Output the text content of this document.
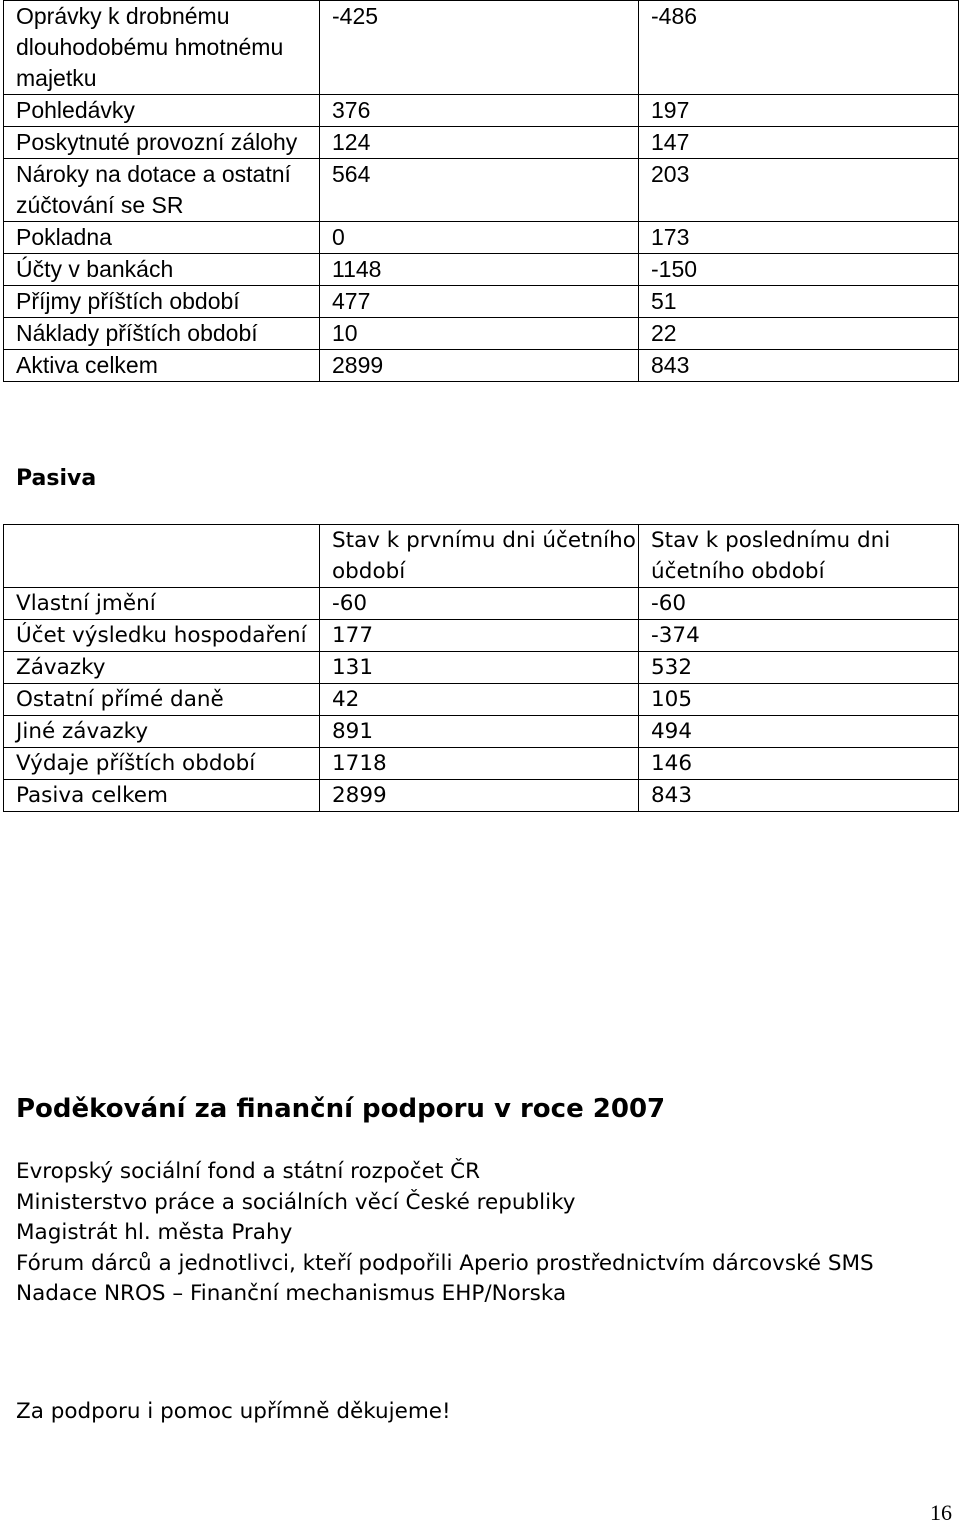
Oprávky k drobnému dlouhodobému hmotnému majetku	-425	-486
Pohledávky	376	197
Poskytnuté provozní zálohy	124	147
Nároky na dotace a ostatní zúčtování se SR	564	203
Pokladna	0	173
Účty v bankách	1148	-150
Příjmy příštích období	477	51
Náklady příštích období	10	22
Aktiva celkem	2899	843
Pasiva
	Stav k prvnímu dni účetního období	Stav k poslednímu dni účetního období
Vlastní jmění	-60	-60
Účet výsledku hospodaření	177	-374
Závazky	131	532
Ostatní přímé daně	42	105
Jiné závazky	891	494
Výdaje příštích období	1718	146
Pasiva celkem	2899	843
Poděkování za finanční podporu v roce 2007
Evropský sociální fond a státní rozpočet ČR
Ministerstvo práce a sociálních věcí České republiky
Magistrát hl. města Prahy
Fórum dárců a jednotlivci, kteří podpořili Aperio prostřednictvím dárcovské SMS
Nadace NROS – Finanční mechanismus EHP/Norska

Za podporu i pomoc upřímně děkujeme!

16
